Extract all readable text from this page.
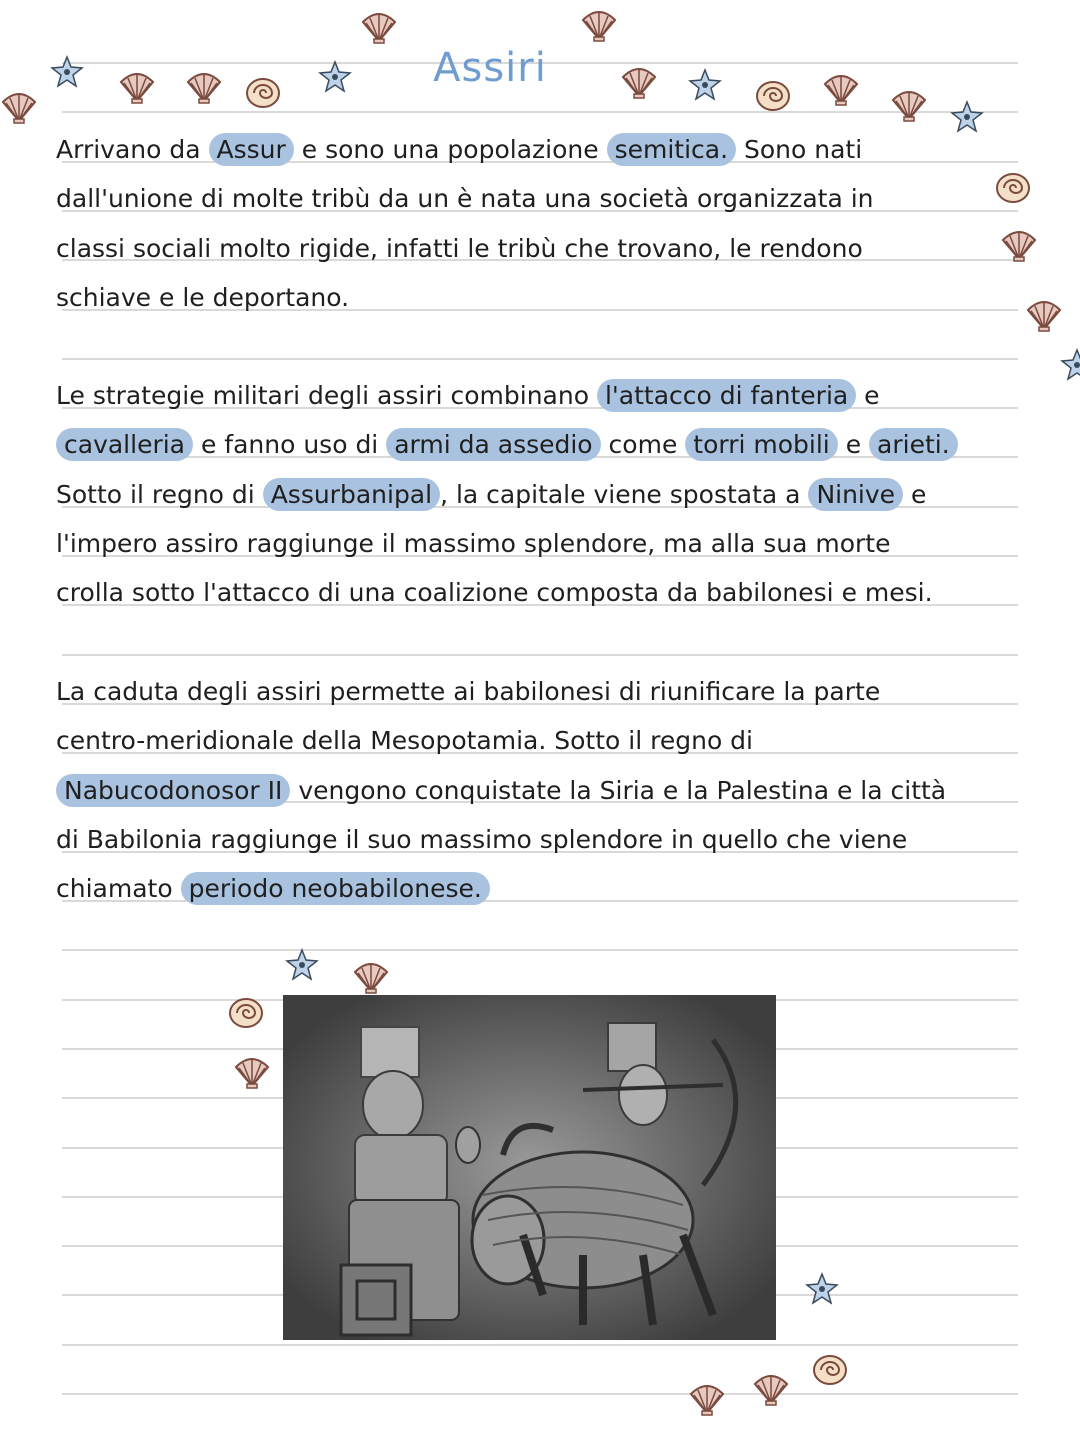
Assiri
Arrivano da Assur e sono una popolazione semitica. Sono nati
dall'unione di molte tribù da un è nata una società organizzata in
classi sociali molto rigide, infatti le tribù che trovano, le rendono
schiave e le deportano.
Le strategie militari degli assiri combinano l'attacco di fanteria e
cavalleria e fanno uso di armi da assedio come torri mobili e arieti.
Sotto il regno di Assurbanipal , la capitale viene spostata a Ninive e
l'impero assiro raggiunge il massimo splendore, ma alla sua morte
crolla sotto l'attacco di una coalizione composta da babilonesi e mesi.
La caduta degli assiri permette ai babilonesi di riunificare la parte
centro-meridionale della Mesopotamia. Sotto il regno di
Nabucodonosor II vengono conquistate la Siria e la Palestina e la città
di Babilonia raggiunge il suo massimo splendore in quello che viene
chiamato periodo neobabilonese.
